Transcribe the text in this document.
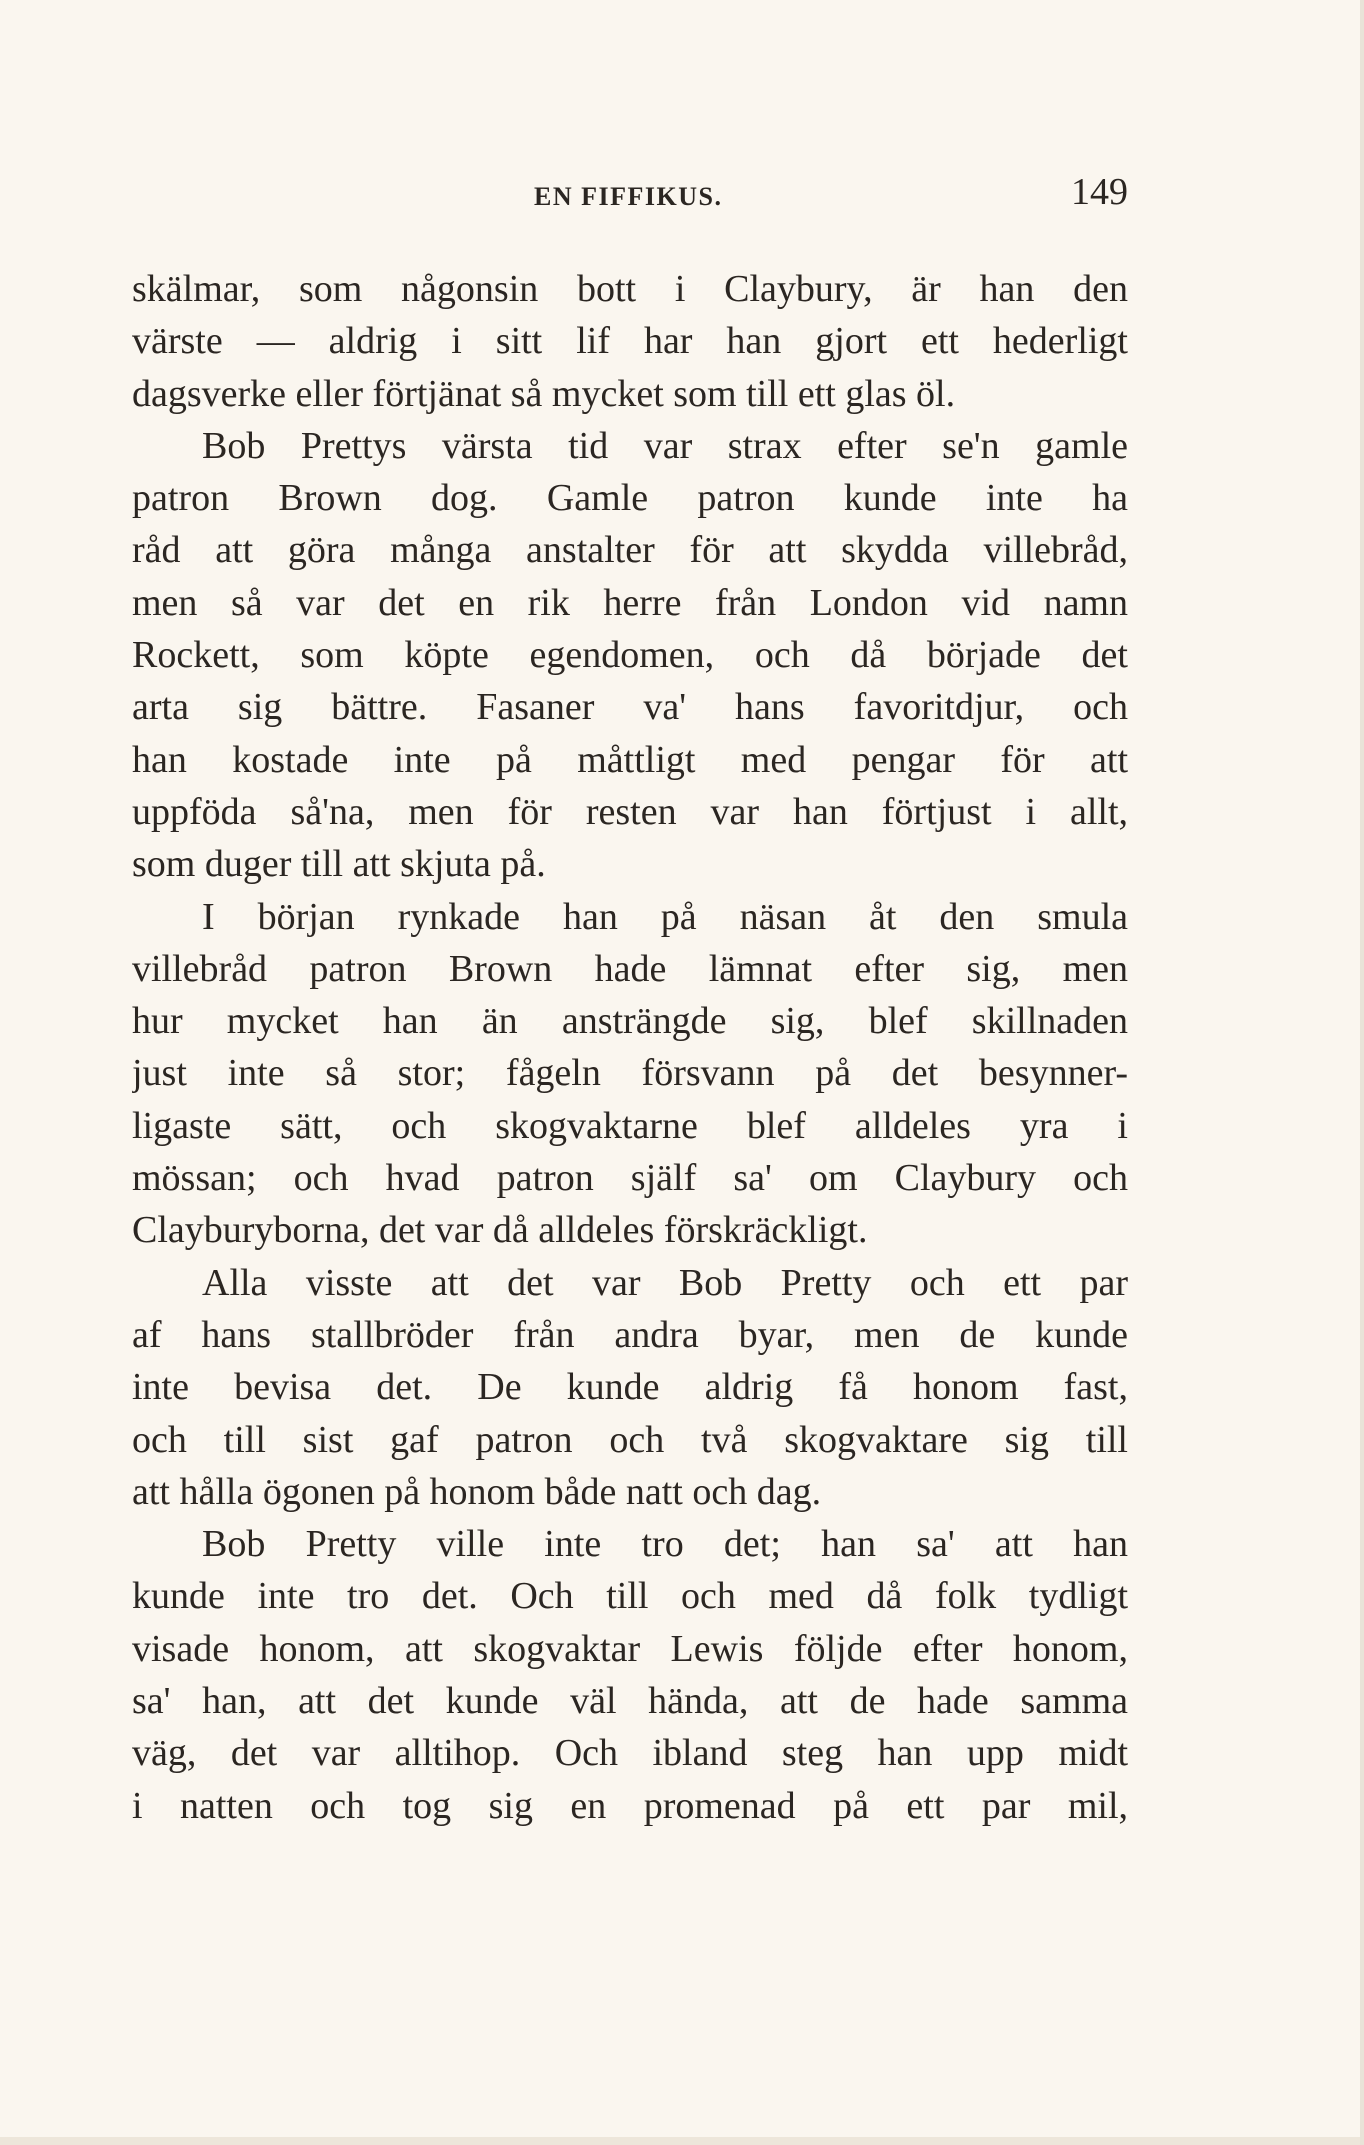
EN FIFFIKUS.	149
skälmar, som någonsin bott i Claybury, är han den
värste — aldrig i sitt lif har han gjort ett hederligt
dagsverke eller förtjänat så mycket som till ett glas öl.
Bob Prettys värsta tid var strax efter se'n gamle
patron Brown dog. Gamle patron kunde inte ha
råd att göra många anstalter för att skydda villebråd,
men så var det en rik herre från London vid namn
Rockett, som köpte egendomen, och då började det
arta sig bättre. Fasaner va' hans favoritdjur, och
han kostade inte på måttligt med pengar för att
uppföda så'na, men för resten var han förtjust i allt,
som duger till att skjuta på.
I början rynkade han på näsan åt den smula
villebråd patron Brown hade lämnat efter sig, men
hur mycket han än ansträngde sig, blef skillnaden
just inte så stor; fågeln försvann på det besynner-
ligaste sätt, och skogvaktarne blef alldeles yra i
mössan; och hvad patron själf sa' om Claybury och
Clayburyborna, det var då alldeles förskräckligt.
Alla visste att det var Bob Pretty och ett par
af hans stallbröder från andra byar, men de kunde
inte bevisa det. De kunde aldrig få honom fast,
och till sist gaf patron och två skogvaktare sig till
att hålla ögonen på honom både natt och dag.
Bob Pretty ville inte tro det; han sa' att han
kunde inte tro det. Och till och med då folk tydligt
visade honom, att skogvaktar Lewis följde efter honom,
sa' han, att det kunde väl hända, att de hade samma
väg, det var alltihop. Och ibland steg han upp midt
i natten och tog sig en promenad på ett par mil,
